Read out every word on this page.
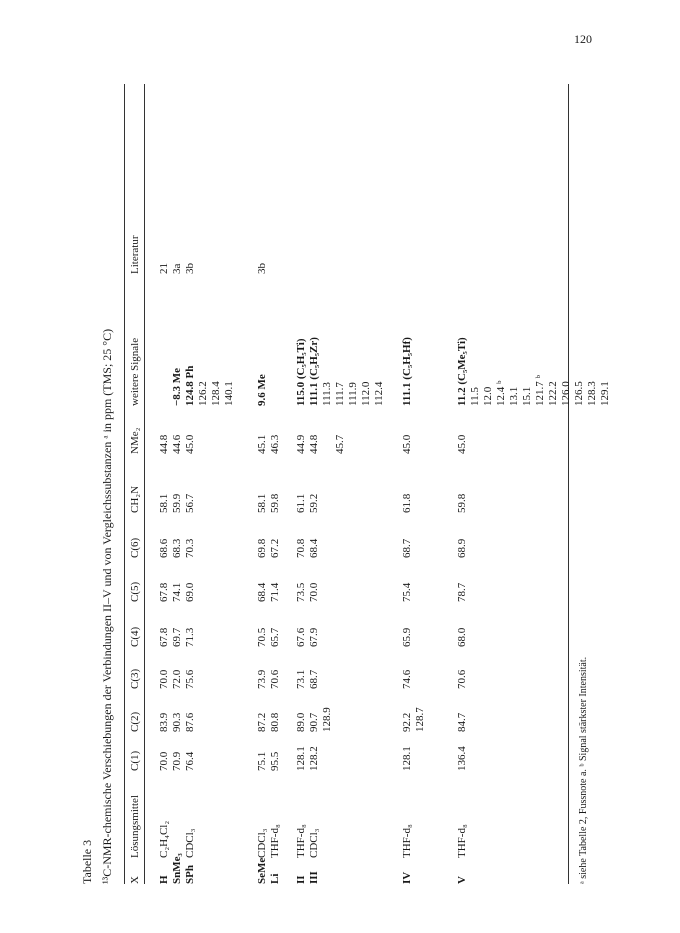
120
Tabelle 3 ¹³C-NMR-chemische Verschiebungen der Verbindungen II–V und von Vergleichssubstanzen ᵃ in ppm (TMS; 25 °C) X
Lösungsmittel
C(1)
C(2)
C(3)
C(4)
C(5)
C(6)
CH₂N
NMe₂
weitere Signale
Literatur
H
C₂H₄Cl₂
70.0
83.9
70.0
67.8
67.8
68.6
58.1
44.8
21
SnMe₃
70.9
90.3
72.0
69.7
74.1
68.3
59.9
44.6
−8.3 Me
3a
SPh
CDCl₃
76.4
87.6
75.6
71.3
69.0
70.3
56.7
45.0
124.8 Ph 126.2 128.4 140.1
3b
SeMe
CDCl₃
75.1
87.2
73.9
70.5
68.4
69.8
58.1
45.1
9.6 Me
3b
Li
THF-d₈
95.5
80.8
70.6
65.7
71.4
67.2
59.8
46.3
II
THF-d₈
128.1
89.0
73.1
67.6
73.5
70.8
61.1
44.9
115.0 (C₅H₅Ti)
III
CDCl₃
128.2
90.7
68.7
67.9
70.0
68.4
59.2
44.8
111.1 (C₅H₅Zr) 111.3 111.7 111.9 112.0 112.4
128.9
45.7
IV
THF-d₈
128.1
92.2
74.6
65.9
75.4
68.7
61.8
45.0
111.1 (C₅H₅Hf)
128.7
V
THF-d₈
136.4
84.7
70.6
68.0
78.7
68.9
59.8
45.0
11.2 (C₅Me₅Ti) 11.5 12.0 12.4 ᵇ 13.1 15.1 121.7 ᵇ 122.2 126.0 126.5 128.3 129.1
ᵃ siehe Tabelle 2, Fussnote a. ᵇ Signal stärkster Intensität.
